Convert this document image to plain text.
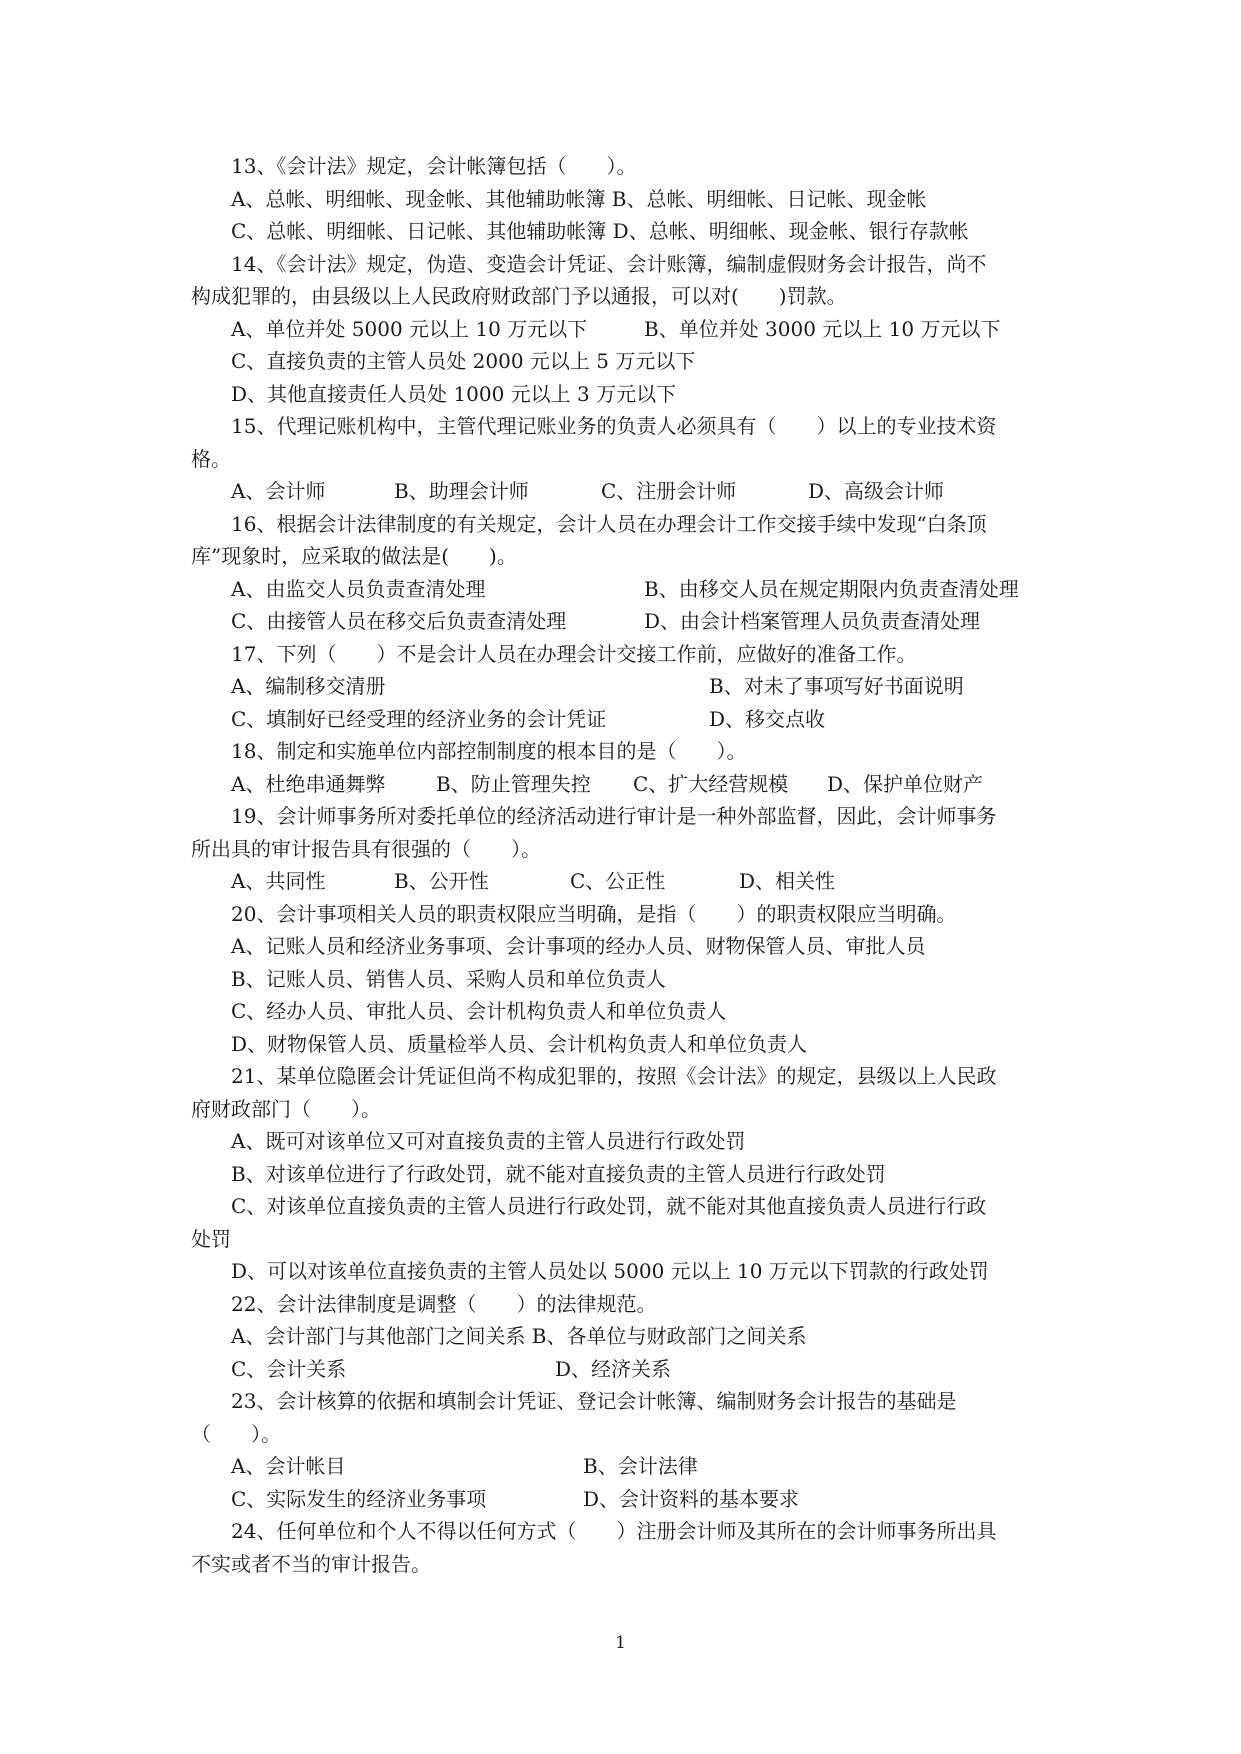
13、《会计法》规定，会计帐簿包括（　　）。
A、总帐、明细帐、现金帐、其他辅助帐簿 B、总帐、明细帐、日记帐、现金帐
C、总帐、明细帐、日记帐、其他辅助帐簿 D、总帐、明细帐、现金帐、银行存款帐
14、《会计法》规定，伪造、变造会计凭证、会计账簿，编制虚假财务会计报告，尚不
构成犯罪的，由县级以上人民政府财政部门予以通报，可以对(　　)罚款。

A、单位并处 5000 元以上 10 万元以下

	B、单位并处 3000 元以上 10 万元以下

C、直接负责的主管人员处 2000 元以上 5 万元以下
D、其他直接责任人员处 1000 元以上 3 万元以下
15、代理记账机构中，主管代理记账业务的负责人必须具有（　　）以上的专业技术资
格。

A、会计师

	B、助理会计师

	C、注册会计师

	D、高级会计师

16、根据会计法律制度的有关规定，会计人员在办理会计工作交接手续中发现“白条顶
库”现象时，应采取的做法是(　　)。

A、由监交人员负责查清处理

	B、由移交人员在规定期限内负责查清处理

C、由接管人员在移交后负责查清处理

	D、由会计档案管理人员负责查清处理

17、下列（　　）不是会计人员在办理会计交接工作前，应做好的准备工作。

A、编制移交清册

	B、对未了事项写好书面说明

C、填制好已经受理的经济业务的会计凭证

	D、移交点收

18、制定和实施单位内部控制制度的根本目的是（　　）。

A、杜绝串通舞弊

	B、防止管理失控

C、扩大经营规模

D、保护单位财产

19、会计师事务所对委托单位的经济活动进行审计是一种外部监督，因此，会计师事务
所出具的审计报告具有很强的（　　）。

A、共同性

	B、公开性

	C、公正性

	D、相关性

20、会计事项相关人员的职责权限应当明确，是指（　　）的职责权限应当明确。
A、记账人员和经济业务事项、会计事项的经办人员、财物保管人员、审批人员
B、记账人员、销售人员、采购人员和单位负责人
C、经办人员、审批人员、会计机构负责人和单位负责人
D、财物保管人员、质量检举人员、会计机构负责人和单位负责人
21、某单位隐匿会计凭证但尚不构成犯罪的，按照《会计法》的规定，县级以上人民政
府财政部门（　　）。
A、既可对该单位又可对直接负责的主管人员进行行政处罚
B、对该单位进行了行政处罚，就不能对直接负责的主管人员进行行政处罚
C、对该单位直接负责的主管人员进行行政处罚，就不能对其他直接负责人员进行行政
处罚
D、可以对该单位直接负责的主管人员处以 5000 元以上 10 万元以下罚款的行政处罚
22、会计法律制度是调整（　　）的法律规范。
A、会计部门与其他部门之间关系 B、各单位与财政部门之间关系

C、会计关系

	D、经济关系

23、会计核算的依据和填制会计凭证、登记会计帐簿、编制财务会计报告的基础是
（　　）。

A、会计帐目

	B、会计法律

C、实际发生的经济业务事项

	D、会计资料的基本要求

24、任何单位和个人不得以任何方式（　　）注册会计师及其所在的会计师事务所出具
不实或者不当的审计报告。
1
